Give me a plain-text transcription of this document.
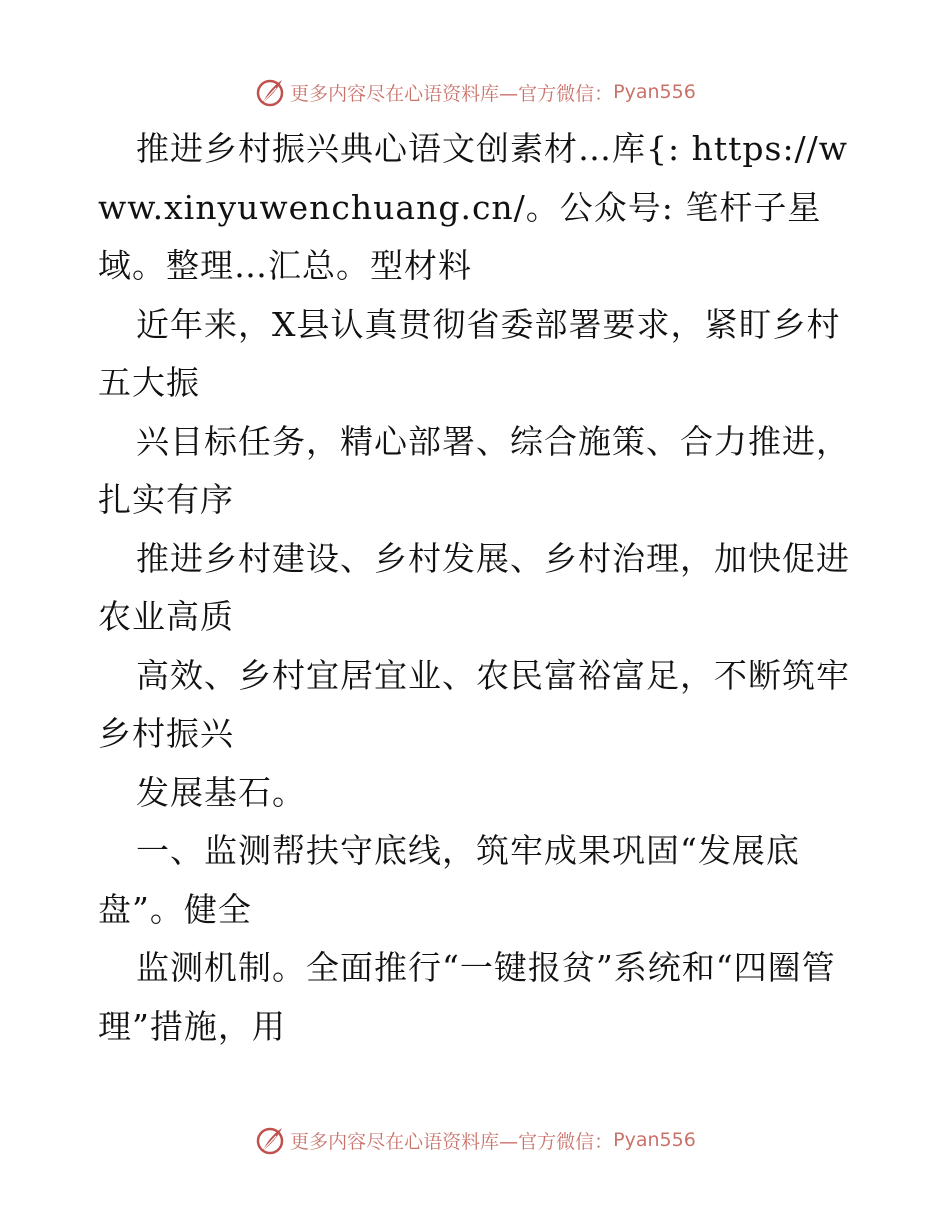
更多内容尽在心语资料库—官方微信： Pyan556

推进乡村振兴典心语文创素材…库{: https://www.xinyuwenchuang.cn/。公众号: 笔杆子星域。整理…汇总。型材料

近年来，X县认真贯彻省委部署要求，紧盯乡村五大振

兴目标任务，精心部署、综合施策、合力推进，扎实有序

推进乡村建设、乡村发展、乡村治理，加快促进农业高质

高效、乡村宜居宜业、农民富裕富足，不断筑牢乡村振兴

发展基石。

一、监测帮扶守底线，筑牢成果巩固“发展底盘”。健全

监测机制。全面推行“一键报贫”系统和“四圈管理”措施，用

更多内容尽在心语资料库—官方微信： Pyan556
